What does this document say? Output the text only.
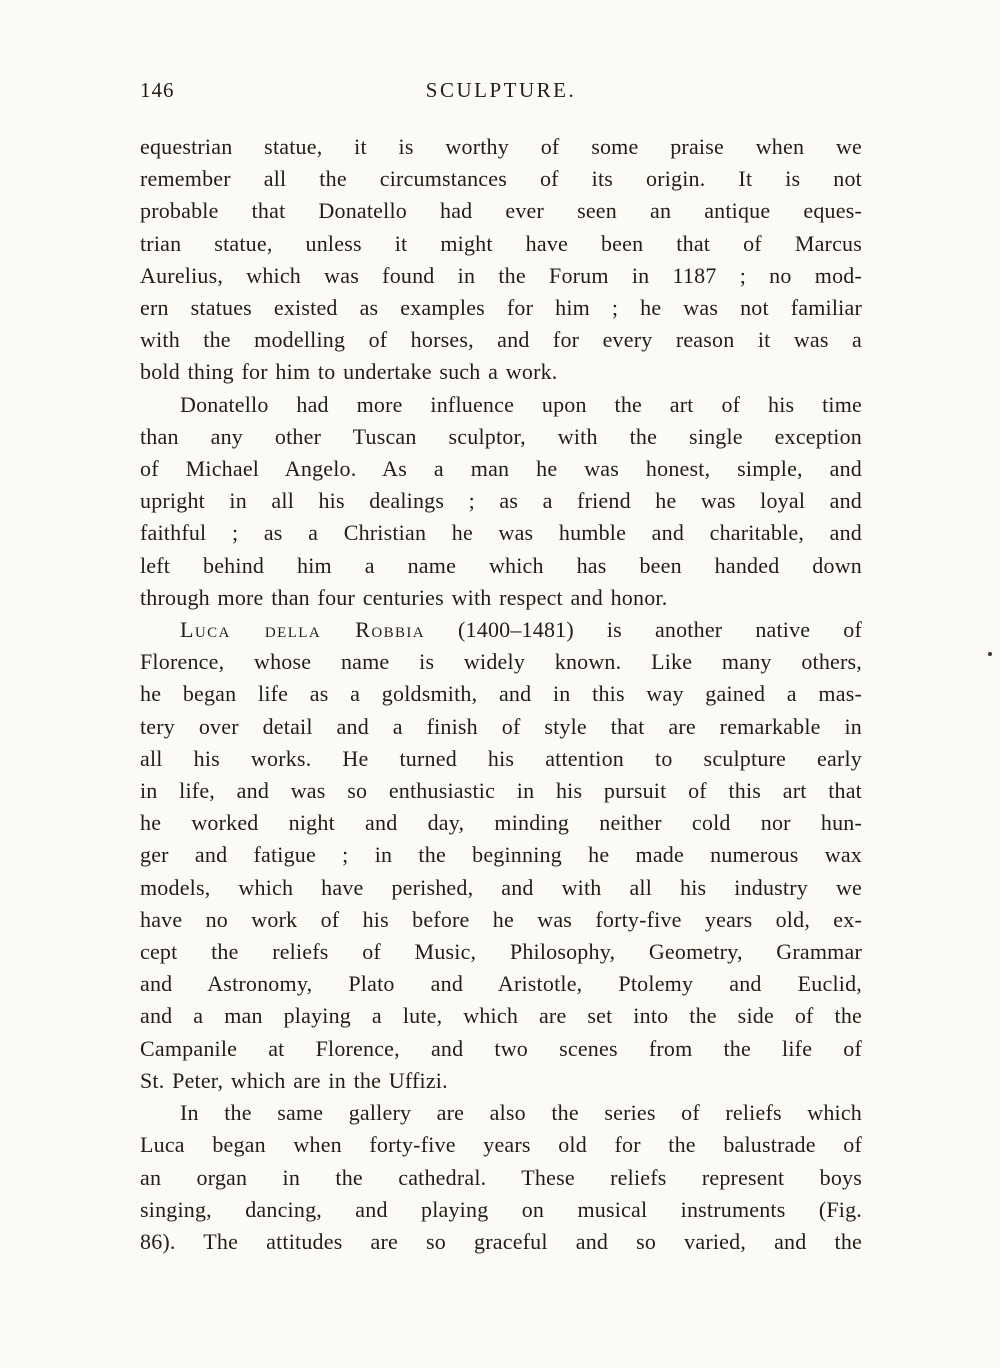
146	SCULPTURE.
equestrian statue, it is worthy of some praise when we
remember all the circumstances of its origin. It is not
probable that Donatello had ever seen an antique eques-
trian statue, unless it might have been that of Marcus
Aurelius, which was found in the Forum in 1187 ; no mod-
ern statues existed as examples for him ; he was not familiar
with the modelling of horses, and for every reason it was a
bold thing for him to undertake such a work.
Donatello had more influence upon the art of his time
than any other Tuscan sculptor, with the single exception
of Michael Angelo. As a man he was honest, simple, and
upright in all his dealings ; as a friend he was loyal and
faithful ; as a Christian he was humble and charitable, and
left behind him a name which has been handed down
through more than four centuries with respect and honor.
Luca della Robbia (1400–1481) is another native of
Florence, whose name is widely known. Like many others,
he began life as a goldsmith, and in this way gained a mas-
tery over detail and a finish of style that are remarkable in
all his works. He turned his attention to sculpture early
in life, and was so enthusiastic in his pursuit of this art that
he worked night and day, minding neither cold nor hun-
ger and fatigue ; in the beginning he made numerous wax
models, which have perished, and with all his industry we
have no work of his before he was forty-five years old, ex-
cept the reliefs of Music, Philosophy, Geometry, Grammar
and Astronomy, Plato and Aristotle, Ptolemy and Euclid,
and a man playing a lute, which are set into the side of the
Campanile at Florence, and two scenes from the life of
St. Peter, which are in the Uffizi.
In the same gallery are also the series of reliefs which
Luca began when forty-five years old for the balustrade of
an organ in the cathedral. These reliefs represent boys
singing, dancing, and playing on musical instruments (Fig.
86). The attitudes are so graceful and so varied, and the
